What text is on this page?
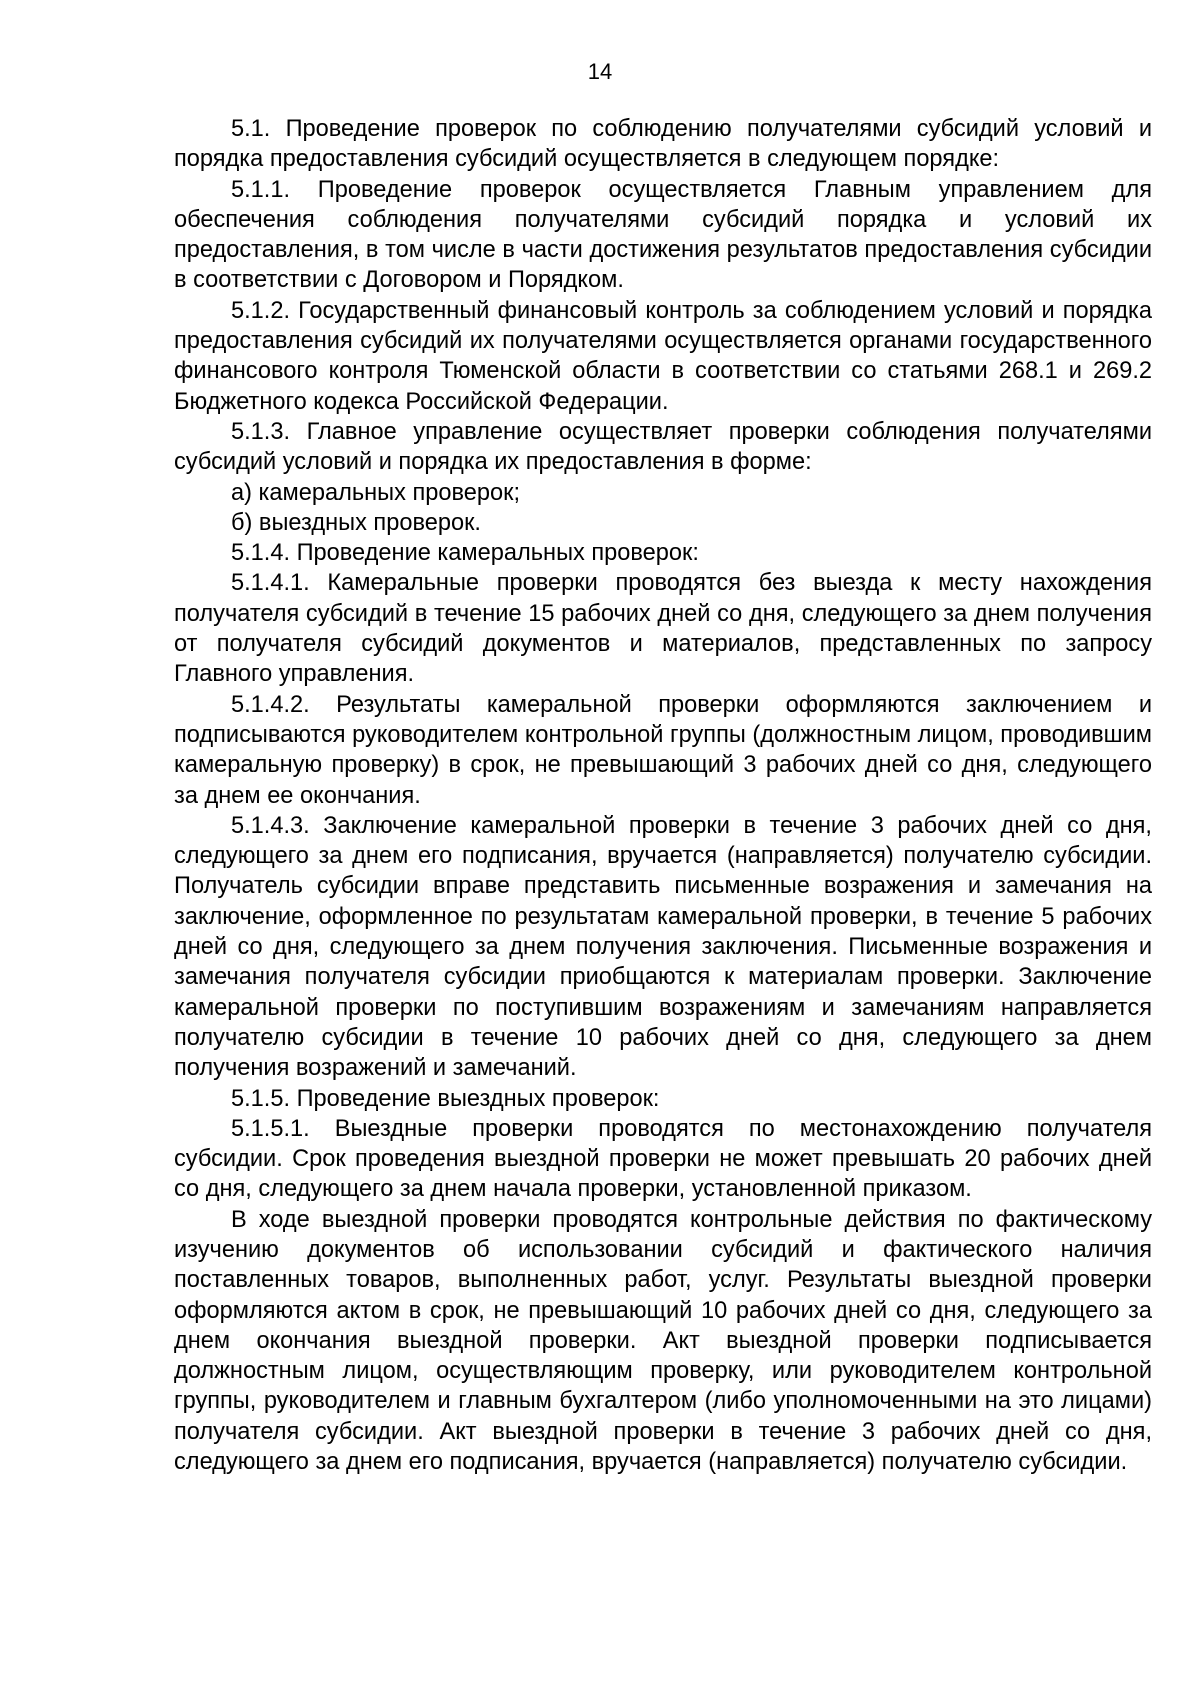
14

5.1. Проведение проверок по соблюдению получателями субсидий условий и порядка предоставления субсидий осуществляется в следующем порядке:

5.1.1. Проведение проверок осуществляется Главным управлением для обеспечения соблюдения получателями субсидий порядка и условий их предоставления, в том числе в части достижения результатов предоставления субсидии в соответствии с Договором и Порядком.

5.1.2. Государственный финансовый контроль за соблюдением условий и порядка предоставления субсидий их получателями осуществляется органами государственного финансового контроля Тюменской области в соответствии со статьями 268.1 и 269.2 Бюджетного кодекса Российской Федерации.

5.1.3. Главное управление осуществляет проверки соблюдения получателями субсидий условий и порядка их предоставления в форме:

а) камеральных проверок;

б) выездных проверок.

5.1.4. Проведение камеральных проверок:

5.1.4.1. Камеральные проверки проводятся без выезда к месту нахождения получателя субсидий в течение 15 рабочих дней со дня, следующего за днем получения от получателя субсидий документов и материалов, представленных по запросу Главного управления.

5.1.4.2. Результаты камеральной проверки оформляются заключением и подписываются руководителем контрольной группы (должностным лицом, проводившим камеральную проверку) в срок, не превышающий 3 рабочих дней со дня, следующего за днем ее окончания.

5.1.4.3. Заключение камеральной проверки в течение 3 рабочих дней со дня, следующего за днем его подписания, вручается (направляется) получателю субсидии. Получатель субсидии вправе представить письменные возражения и замечания на заключение, оформленное по результатам камеральной проверки, в течение 5 рабочих дней со дня, следующего за днем получения заключения. Письменные возражения и замечания получателя субсидии приобщаются к материалам проверки. Заключение камеральной проверки по поступившим возражениям и замечаниям направляется получателю субсидии в течение 10 рабочих дней со дня, следующего за днем получения возражений и замечаний.

5.1.5. Проведение выездных проверок:

5.1.5.1. Выездные проверки проводятся по местонахождению получателя субсидии. Срок проведения выездной проверки не может превышать 20 рабочих дней со дня, следующего за днем начала проверки, установленной приказом.

В ходе выездной проверки проводятся контрольные действия по фактическому изучению документов об использовании субсидий и фактического наличия поставленных товаров, выполненных работ, услуг. Результаты выездной проверки оформляются актом в срок, не превышающий 10 рабочих дней со дня, следующего за днем окончания выездной проверки. Акт выездной проверки подписывается должностным лицом, осуществляющим проверку, или руководителем контрольной группы, руководителем и главным бухгалтером (либо уполномоченными на это лицами) получателя субсидии. Акт выездной проверки в течение 3 рабочих дней со дня, следующего за днем его подписания, вручается (направляется) получателю субсидии.
